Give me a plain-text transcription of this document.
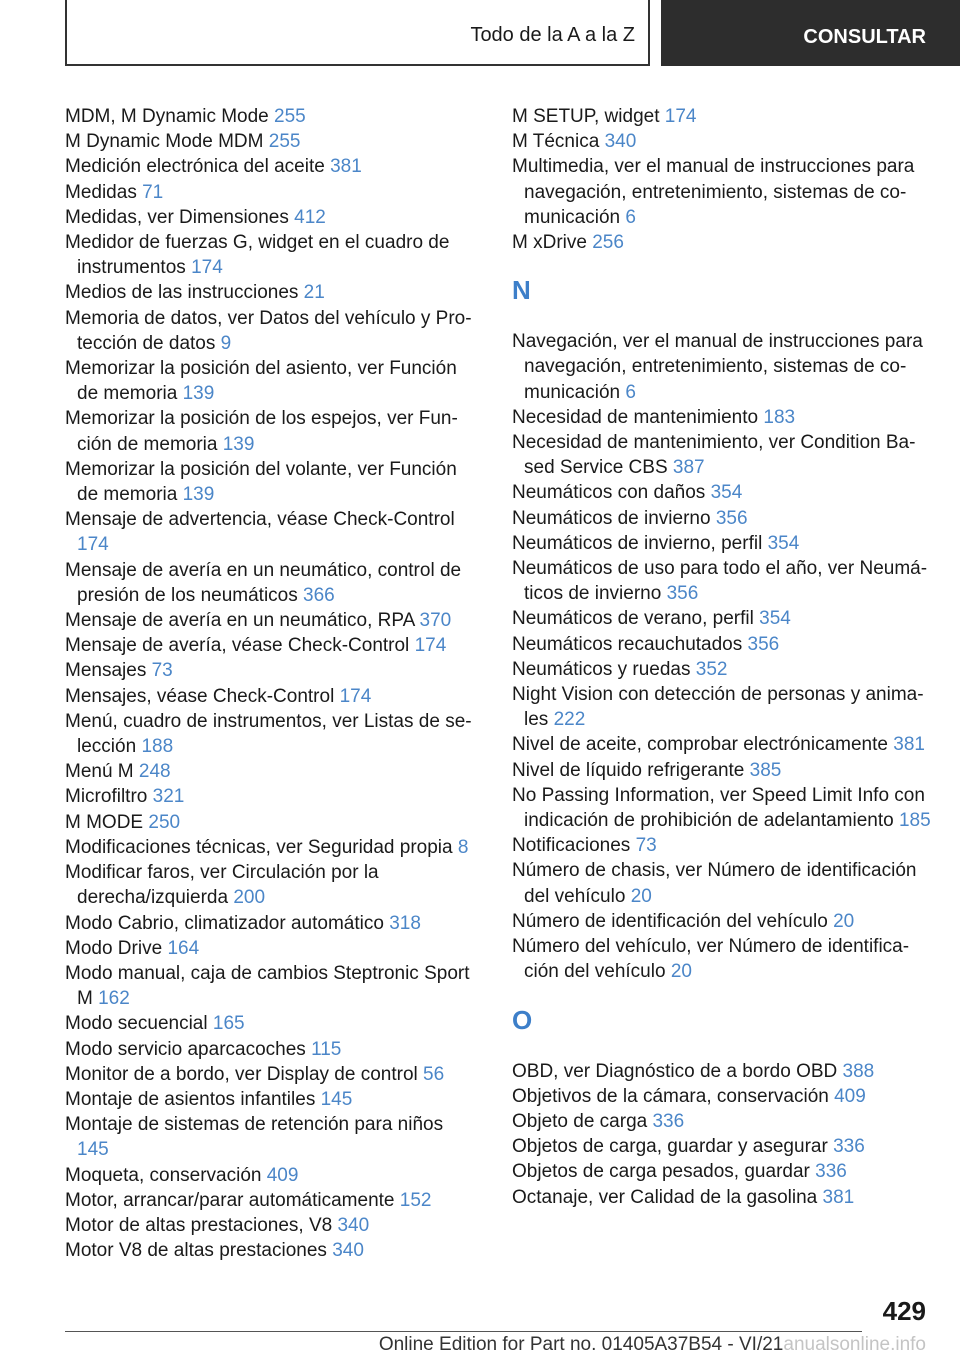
Todo de la A a la Z	CONSULTAR

MDM, M Dynamic Mode 255

M Dynamic Mode MDM 255

Medición electrónica del aceite 381

Medidas 71

Medidas, ver Dimensiones 412

Medidor de fuerzas G, widget en el cuadro de instrumentos 174

Medios de las instrucciones 21

Memoria de datos, ver Datos del vehículo y Protección de datos 9

Memorizar la posición del asiento, ver Función de memoria 139

Memorizar la posición de los espejos, ver Función de memoria 139

Memorizar la posición del volante, ver Función de memoria 139

Mensaje de advertencia, véase Check-Control 174

Mensaje de avería en un neumático, control de presión de los neumáticos 366

Mensaje de avería en un neumático, RPA 370

Mensaje de avería, véase Check-Control 174

Mensajes 73

Mensajes, véase Check-Control 174

Menú, cuadro de instrumentos, ver Listas de selección 188

Menú M 248

Microfiltro 321

M MODE 250

Modificaciones técnicas, ver Seguridad propia 8

Modificar faros, ver Circulación por la derecha/izquierda 200

Modo Cabrio, climatizador automático 318

Modo Drive 164

Modo manual, caja de cambios Steptronic Sport M 162

Modo secuencial 165

Modo servicio aparcacoches 115

Monitor de a bordo, ver Display de control 56

Montaje de asientos infantiles 145

Montaje de sistemas de retención para niños 145

Moqueta, conservación 409

Motor, arrancar/parar automáticamente 152

Motor de altas prestaciones, V8 340

Motor V8 de altas prestaciones 340

M SETUP, widget 174

M Técnica 340

Multimedia, ver el manual de instrucciones para navegación, entretenimiento, sistemas de comunicación 6

M xDrive 256

N

Navegación, ver el manual de instrucciones para navegación, entretenimiento, sistemas de comunicación 6

Necesidad de mantenimiento 183

Necesidad de mantenimiento, ver Condition Based Service CBS 387

Neumáticos con daños 354

Neumáticos de invierno 356

Neumáticos de invierno, perfil 354

Neumáticos de uso para todo el año, ver Neumáticos de invierno 356

Neumáticos de verano, perfil 354

Neumáticos recauchutados 356

Neumáticos y ruedas 352

Night Vision con detección de personas y animales 222

Nivel de aceite, comprobar electrónicamente 381

Nivel de líquido refrigerante 385

No Passing Information, ver Speed Limit Info con indicación de prohibición de adelantamiento 185

Notificaciones 73

Número de chasis, ver Número de identificación del vehículo 20

Número de identificación del vehículo 20

Número del vehículo, ver Número de identificación del vehículo 20

O

OBD, ver Diagnóstico de a bordo OBD 388

Objetivos de la cámara, conservación 409

Objeto de carga 336

Objetos de carga, guardar y asegurar 336

Objetos de carga pesados, guardar 336

Octanaje, ver Calidad de la gasolina 381

429
Online Edition for Part no. 01405A37B54 - VI/21anualsonline.info
